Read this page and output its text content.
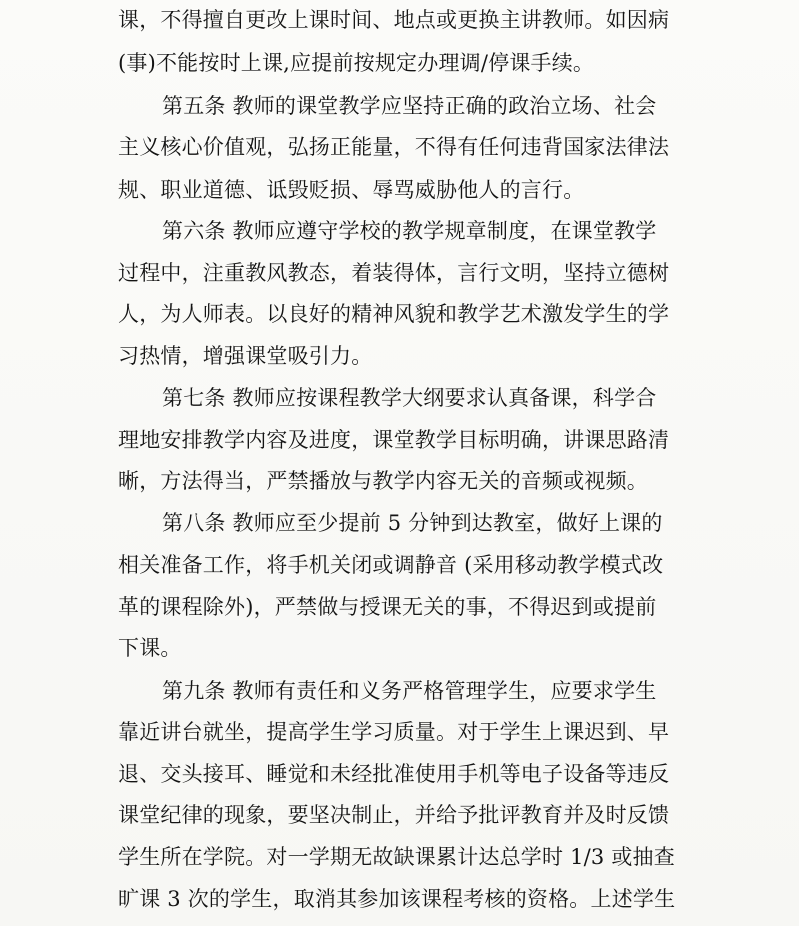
课，不得擅自更改上课时间、地点或更换主讲教师。如因病

(事)不能按时上课,应提前按规定办理调/停课手续。

第五条 教师的课堂教学应坚持正确的政治立场、社会

主义核心价值观，弘扬正能量，不得有任何违背国家法律法

规、职业道德、诋毁贬损、辱骂威胁他人的言行。

第六条 教师应遵守学校的教学规章制度，在课堂教学

过程中，注重教风教态，着装得体，言行文明，坚持立德树

人，为人师表。以良好的精神风貌和教学艺术激发学生的学

习热情，增强课堂吸引力。

第七条 教师应按课程教学大纲要求认真备课，科学合

理地安排教学内容及进度，课堂教学目标明确，讲课思路清

晰，方法得当，严禁播放与教学内容无关的音频或视频。

第八条 教师应至少提前 5 分钟到达教室，做好上课的

相关准备工作，将手机关闭或调静音 (采用移动教学模式改

革的课程除外)，严禁做与授课无关的事，不得迟到或提前

下课。

第九条 教师有责任和义务严格管理学生，应要求学生

靠近讲台就坐，提高学生学习质量。对于学生上课迟到、早

退、交头接耳、睡觉和未经批准使用手机等电子设备等违反

课堂纪律的现象，要坚决制止，并给予批评教育并及时反馈

学生所在学院。对一学期无故缺课累计达总学时 1/3 或抽查

旷课 3 次的学生，取消其参加该课程考核的资格。上述学生
